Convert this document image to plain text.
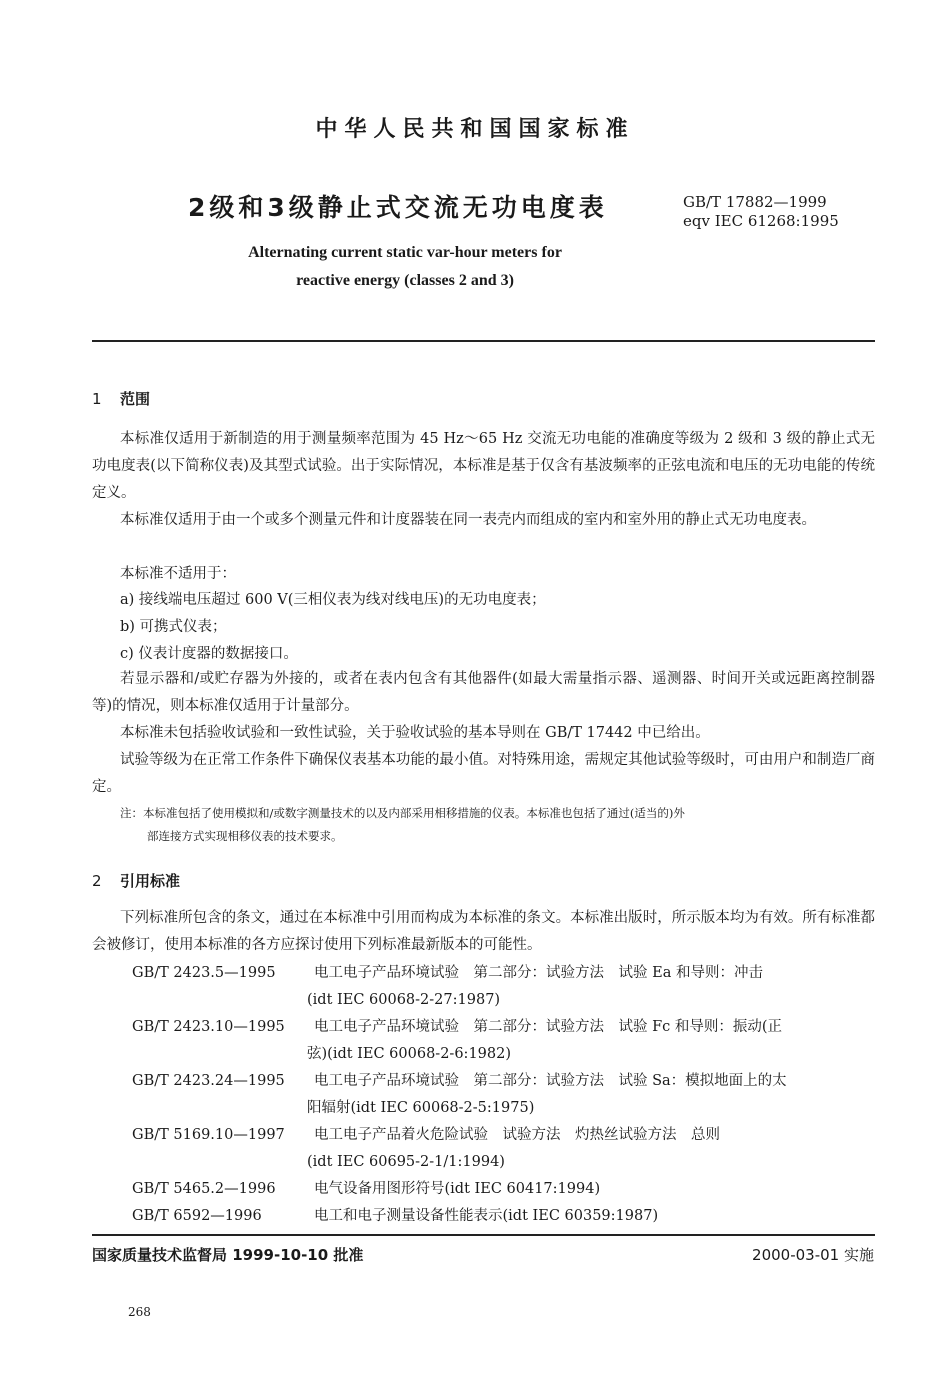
中华人民共和国国家标准
2级和3级静止式交流无功电度表	GB/T 17882—1999
eqv IEC 61268:1995
Alternating current static var-hour meters for
reactive energy (classes 2 and 3)
1 范围
本标准仅适用于新制造的用于测量频率范围为 45 Hz～65 Hz 交流无功电能的准确度等级为 2 级和 3 级的静止式无功电度表(以下简称仪表)及其型式试验。出于实际情况，本标准是基于仅含有基波频率的正弦电流和电压的无功电能的传统定义。
本标准仅适用于由一个或多个测量元件和计度器装在同一表壳内而组成的室内和室外用的静止式无功电度表。
本标准不适用于：
a) 接线端电压超过 600 V(三相仪表为线对线电压)的无功电度表；
b) 可携式仪表；
c) 仪表计度器的数据接口。
若显示器和/或贮存器为外接的，或者在表内包含有其他器件(如最大需量指示器、遥测器、时间开关或远距离控制器等)的情况，则本标准仅适用于计量部分。
本标准未包括验收试验和一致性试验，关于验收试验的基本导则在 GB/T 17442 中已给出。
试验等级为在正常工作条件下确保仪表基本功能的最小值。对特殊用途，需规定其他试验等级时，可由用户和制造厂商定。
注：本标准包括了使用模拟和/或数字测量技术的以及内部采用相移措施的仪表。本标准也包括了通过(适当的)外
部连接方式实现相移仪表的技术要求。
2 引用标准
下列标准所包含的条文，通过在本标准中引用而构成为本标准的条文。本标准出版时，所示版本均为有效。所有标准都会被修订，使用本标准的各方应探讨使用下列标准最新版本的可能性。
GB/T 2423.5—1995	电工电子产品环境试验　第二部分：试验方法　试验 Ea 和导则：冲击
(idt IEC 60068-2-27:1987)
GB/T 2423.10—1995 电工电子产品环境试验　第二部分：试验方法　试验 Fc 和导则：振动(正
弦)(idt IEC 60068-2-6:1982)
GB/T 2423.24—1995 电工电子产品环境试验　第二部分：试验方法　试验 Sa：模拟地面上的太
阳辐射(idt IEC 60068-2-5:1975)
GB/T 5169.10—1997 电工电子产品着火危险试验　试验方法　灼热丝试验方法　总则
(idt IEC 60695-2-1/1:1994)
GB/T 5465.2—1996	电气设备用图形符号(idt IEC 60417:1994)
GB/T 6592—1996	电工和电子测量设备性能表示(idt IEC 60359:1987)
国家质量技术监督局 1999-10-10 批准	2000-03-01 实施
268
